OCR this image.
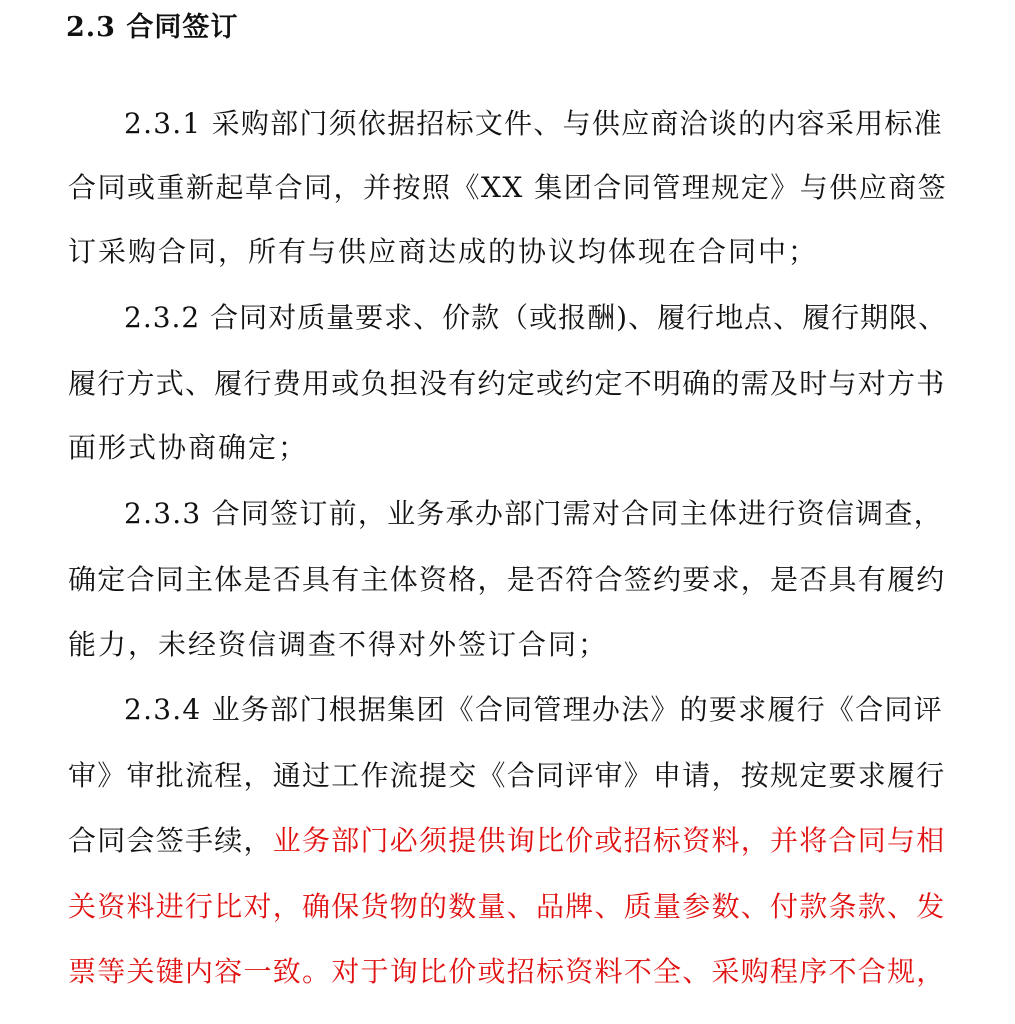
2.3 合同签订
2.3.1 采购部门须依据招标文件、与供应商洽谈的内容采用标准
合同或重新起草合同，并按照《XX 集团合同管理规定》与供应商签
订采购合同，所有与供应商达成的协议均体现在合同中；
2.3.2 合同对质量要求、价款（或报酬)、履行地点、履行期限、
履行方式、履行费用或负担没有约定或约定不明确的需及时与对方书
面形式协商确定；
2.3.3 合同签订前，业务承办部门需对合同主体进行资信调查，
确定合同主体是否具有主体资格，是否符合签约要求，是否具有履约
能力，未经资信调查不得对外签订合同；
2.3.4 业务部门根据集团《合同管理办法》的要求履行《合同评
审》审批流程，通过工作流提交《合同评审》申请，按规定要求履行
合同会签手续，业务部门必须提供询比价或招标资料，并将合同与相
关资料进行比对，确保货物的数量、品牌、质量参数、付款条款、发
票等关键内容一致。对于询比价或招标资料不全、采购程序不合规，
